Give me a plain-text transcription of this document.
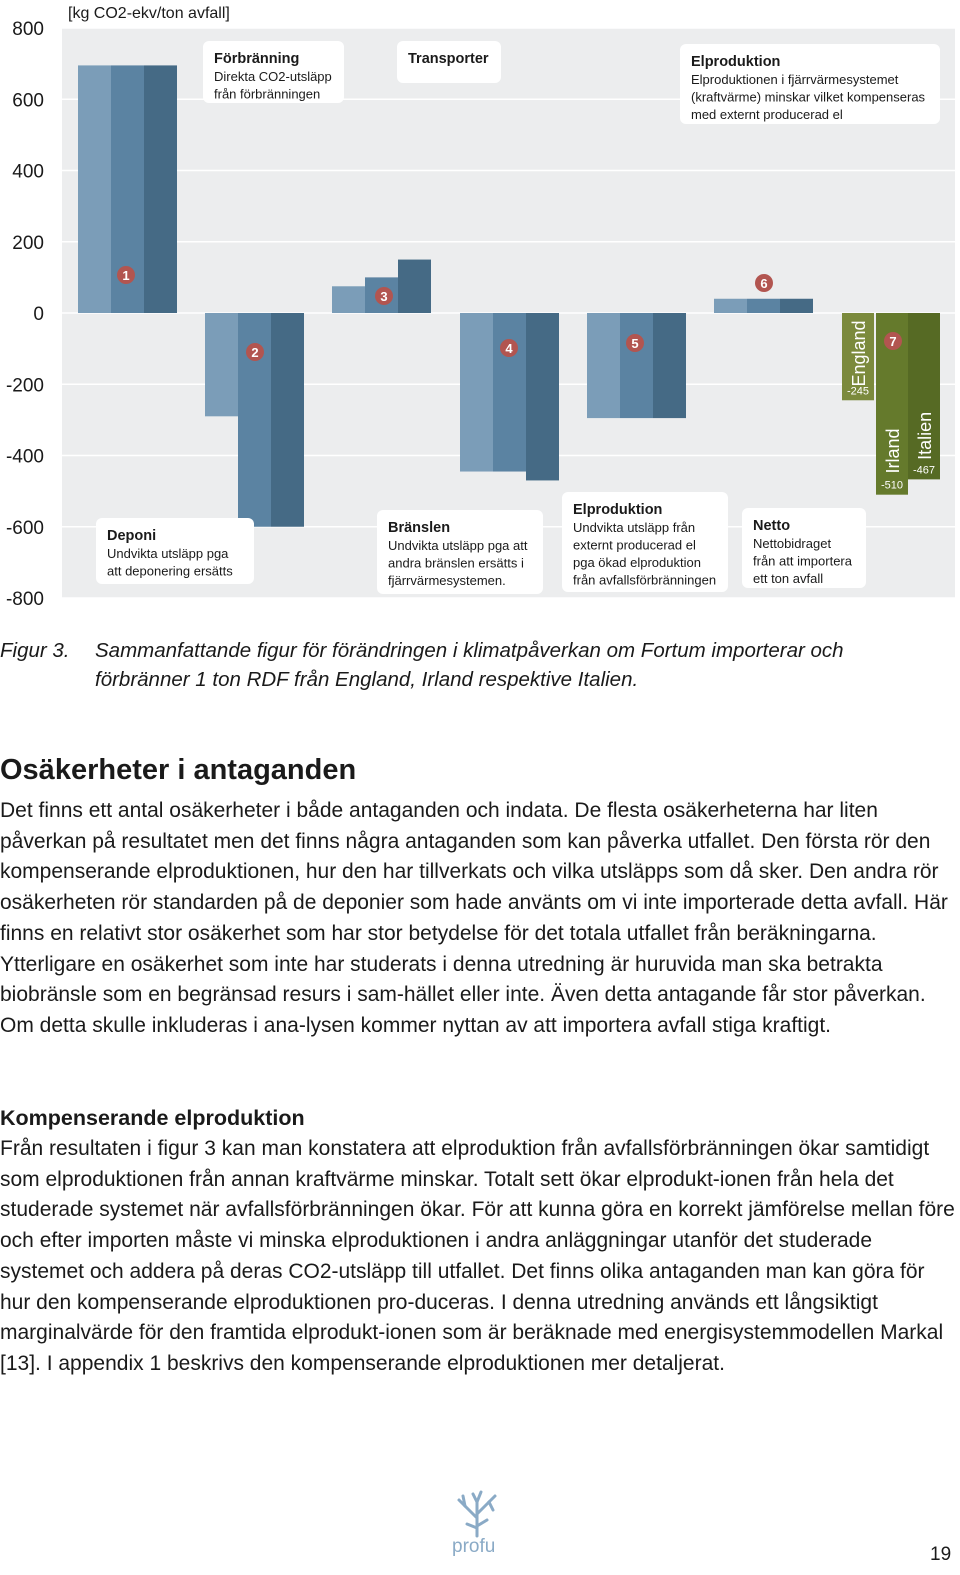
800
600
400
200
0
-200
-400
-600
-800
[kg CO2-ekv/ton avfall]
1
2
3
4	5
6
England
-245
Irland
-510
Italien
-467
7
Förbränning
Direkta CO2-utsläpp
från förbränningen
Transporter	Elproduktion
Elproduktionen i fjärrvärmesystemet
(kraftvärme) minskar vilket kompenseras
med externt producerad el
Deponi
Undvikta utsläpp pga
att deponering ersätts
Bränslen
Undvikta utsläpp pga att
andra bränslen ersätts i
fjärrvärmesystemen.
Elproduktion
Undvikta utsläpp från
externt producerad el
pga ökad elproduktion
från avfallsförbränningen
Netto
Nettobidraget
från att importera
ett ton avfall
Figur 3. Sammanfattande figur för förändringen i klimatpåverkan om Fortum importerar och förbränner 1 ton RDF från England, Irland respektive Italien.
Osäkerheter i antaganden

Det finns ett antal osäkerheter i både antaganden och indata. De flesta osäkerheterna har liten påverkan på resultatet men det finns några antaganden som kan påverka utfallet. Den första rör den kompenserande elproduktionen, hur den har tillverkats och vilka utsläpps som då sker. Den andra rör osäkerheten rör standarden på de deponier som hade använts om vi inte importerade detta avfall. Här finns en relativt stor osäkerhet som har stor betydelse för det totala utfallet från beräkningarna. Ytterligare en osäkerhet som inte har studerats i denna utredning är huruvida man ska betrakta biobränsle som en begränsad resurs i sam-hället eller inte. Även detta antagande får stor påverkan. Om detta skulle inkluderas i ana-lysen kommer nyttan av att importera avfall stiga kraftigt.

Kompenserande elproduktion

Från resultaten i figur 3 kan man konstatera att elproduktion från avfallsförbränningen ökar samtidigt som elproduktionen från annan kraftvärme minskar. Totalt sett ökar elprodukt-ionen från hela det studerade systemet när avfallsförbränningen ökar. För att kunna göra en korrekt jämförelse mellan före och efter importen måste vi minska elproduktionen i andra anläggningar utanför det studerade systemet och addera på deras CO2-utsläpp till utfallet. Det finns olika antaganden man kan göra för hur den kompenserande elproduktionen pro-duceras. I denna utredning används ett långsiktigt marginalvärde för den framtida elprodukt-ionen som är beräknade med energisystemmodellen Markal [13]. I appendix 1 beskrivs den kompenserande elproduktionen mer detaljerat.

profu	19
